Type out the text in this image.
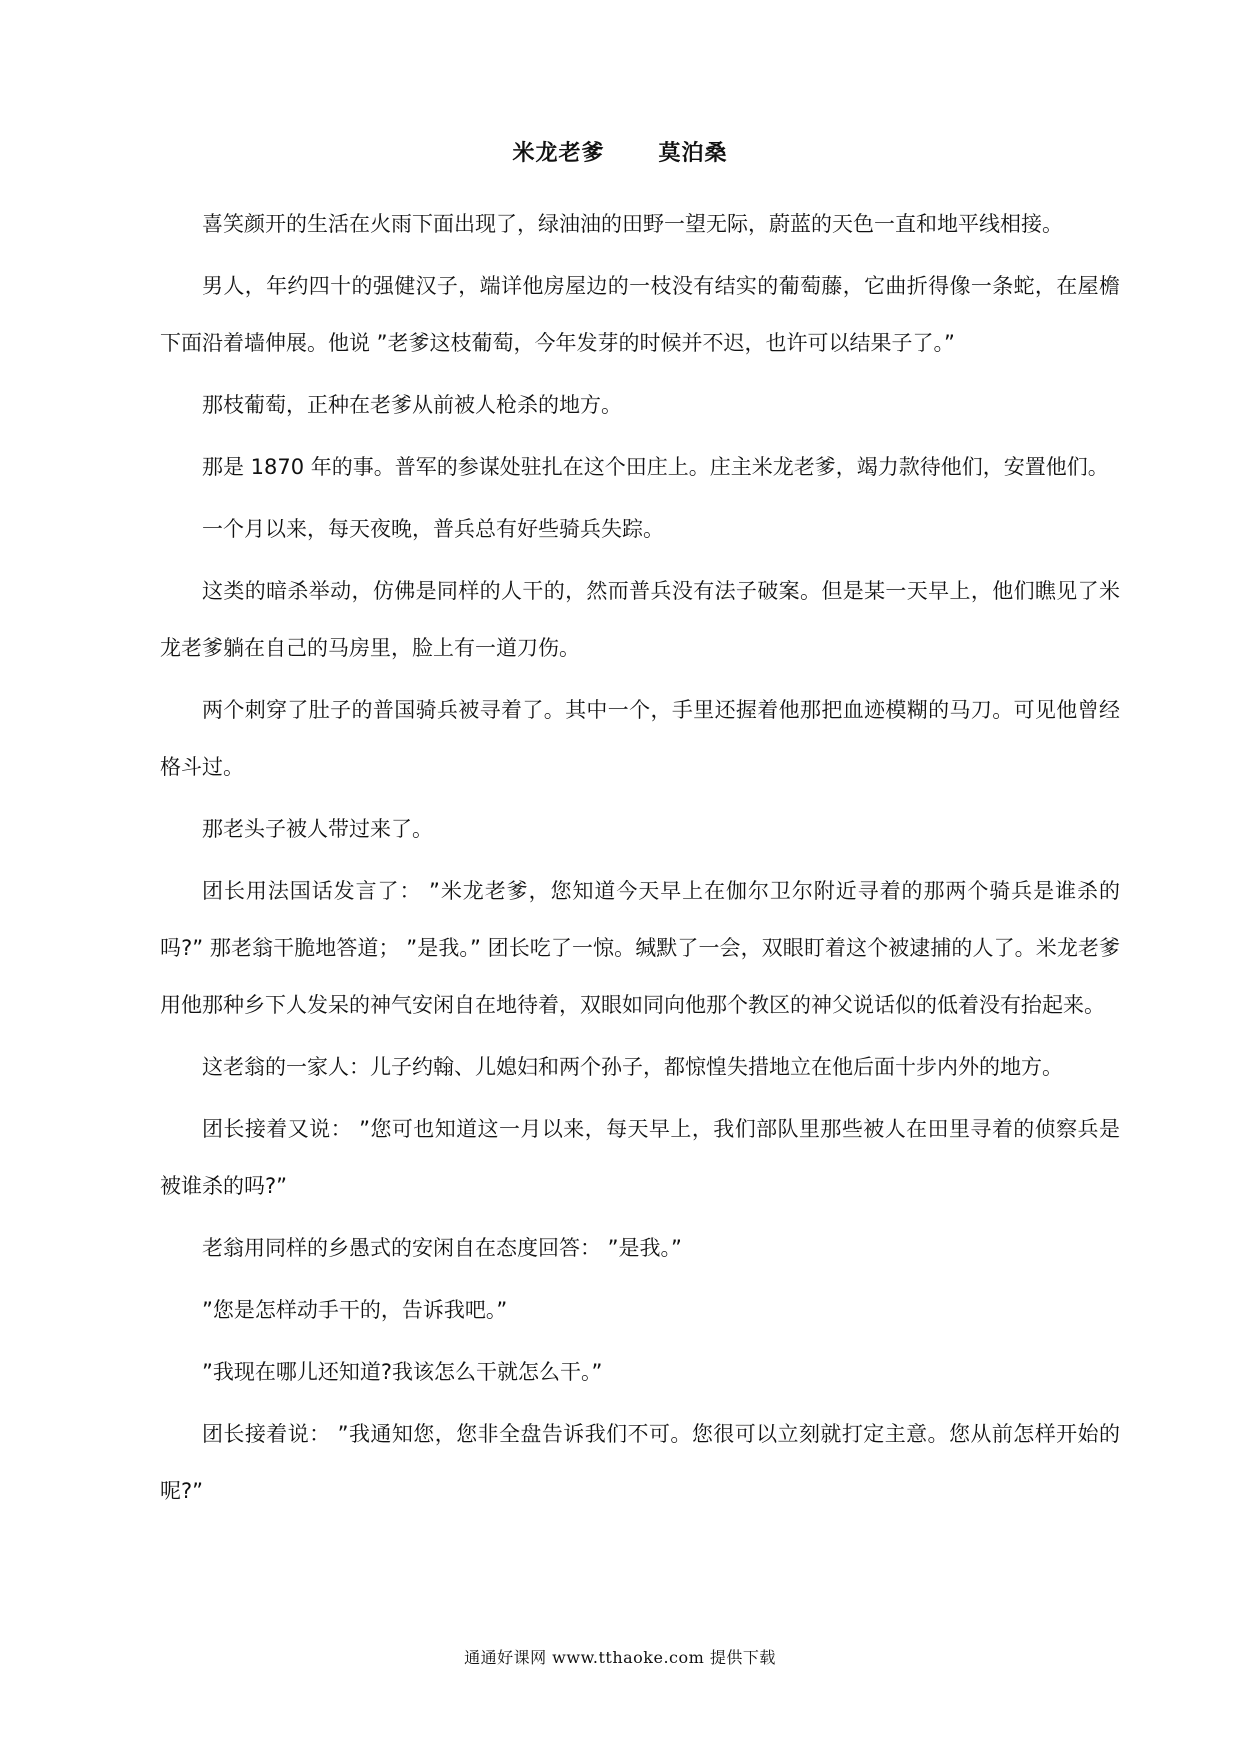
米龙老爹 莫泊桑

喜笑颜开的生活在火雨下面出现了，绿油油的田野一望无际，蔚蓝的天色一直和地平线相接。

男人，年约四十的强健汉子，端详他房屋边的一枝没有结实的葡萄藤，它曲折得像一条蛇，在屋檐下面沿着墙伸展。他说 ”老爹这枝葡萄，今年发芽的时候并不迟，也许可以结果子了。”

那枝葡萄，正种在老爹从前被人枪杀的地方。

那是 1870 年的事。普军的参谋处驻扎在这个田庄上。庄主米龙老爹，竭力款待他们，安置他们。

一个月以来，每天夜晚，普兵总有好些骑兵失踪。

这类的暗杀举动，仿佛是同样的人干的，然而普兵没有法子破案。但是某一天早上，他们瞧见了米龙老爹躺在自己的马房里，脸上有一道刀伤。

两个刺穿了肚子的普国骑兵被寻着了。其中一个，手里还握着他那把血迹模糊的马刀。可见他曾经格斗过。

那老头子被人带过来了。

团长用法国话发言了： ”米龙老爹，您知道今天早上在伽尔卫尔附近寻着的那两个骑兵是谁杀的吗?” 那老翁干脆地答道； ”是我。” 团长吃了一惊。缄默了一会，双眼盯着这个被逮捕的人了。米龙老爹用他那种乡下人发呆的神气安闲自在地待着，双眼如同向他那个教区的神父说话似的低着没有抬起来。

这老翁的一家人：儿子约翰、儿媳妇和两个孙子，都惊惶失措地立在他后面十步内外的地方。

团长接着又说： ”您可也知道这一月以来，每天早上，我们部队里那些被人在田里寻着的侦察兵是被谁杀的吗?”

老翁用同样的乡愚式的安闲自在态度回答： ”是我。”

”您是怎样动手干的，告诉我吧。”

”我现在哪儿还知道?我该怎么干就怎么干。”

团长接着说： ”我通知您，您非全盘告诉我们不可。您很可以立刻就打定主意。您从前怎样开始的呢?”

通通好课网 www.tthaoke.com 提供下载
